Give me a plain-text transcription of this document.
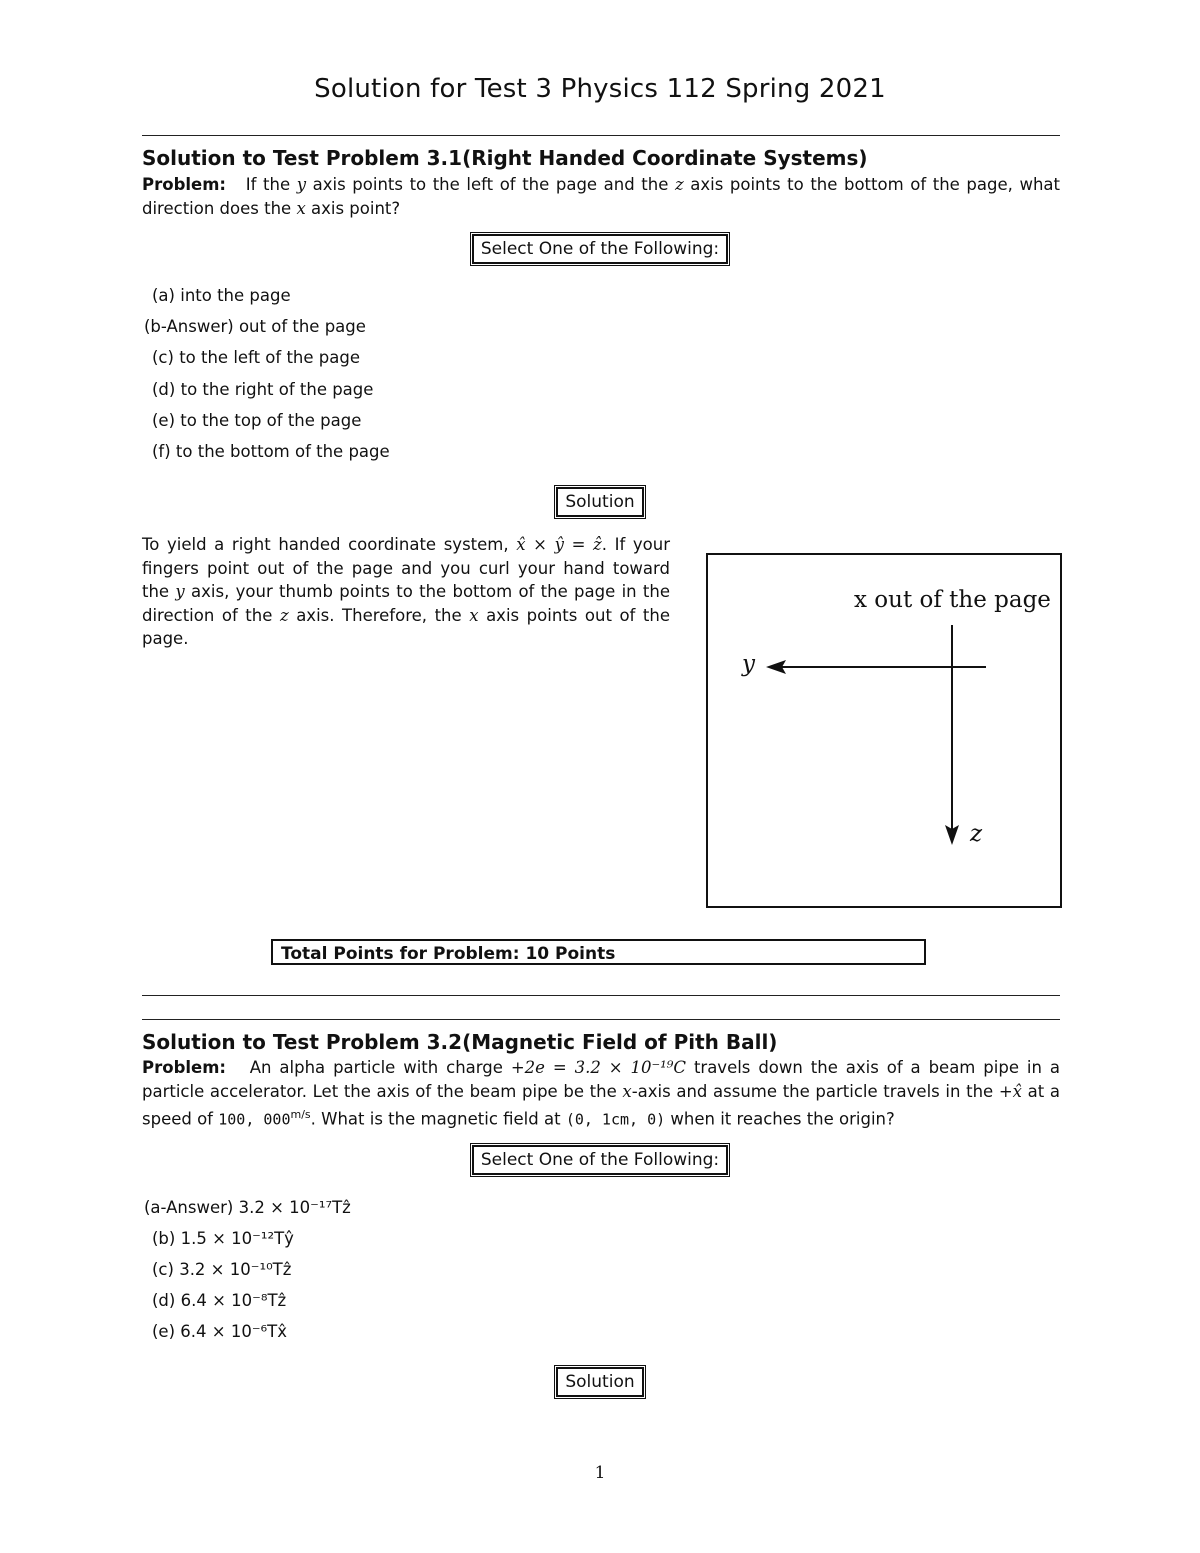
Solution for Test 3 Physics 112 Spring 2021
Solution to Test Problem 3.1(Right Handed Coordinate Systems)
Problem: If the y axis points to the left of the page and the z axis points to the bottom of the page, what direction does the x axis point?
Select One of the Following:
(a) into the page
(b-Answer) out of the page
(c) to the left of the page
(d) to the right of the page
(e) to the top of the page
(f) to the bottom of the page
Solution
To yield a right handed coordinate system, x̂ × ŷ = ẑ. If your fingers point out of the page and you curl your hand toward the y axis, your thumb points to the bottom of the page in the direction of the z axis. Therefore, the x axis points out of the page.
x out of the page
y
z
Total Points for Problem: 10 Points
Solution to Test Problem 3.2(Magnetic Field of Pith Ball)
Problem: An alpha particle with charge +2e = 3.2 × 10⁻¹⁹C travels down the axis of a beam pipe in a particle accelerator. Let the axis of the beam pipe be the x-axis and assume the particle travels in the +x̂ at a speed of 100, $000^{m/s}$. What is the magnetic field at (0, 1cm, 0) when it reaches the origin?
Select One of the Following:
(a-Answer) 3.2 × 10⁻¹⁷Tẑ
(b) 1.5 × 10⁻¹²Tŷ
(c) 3.2 × 10⁻¹⁰Tẑ
(d) 6.4 × 10⁻⁸Tẑ
(e) 6.4 × 10⁻⁶Tx̂
Solution
1
